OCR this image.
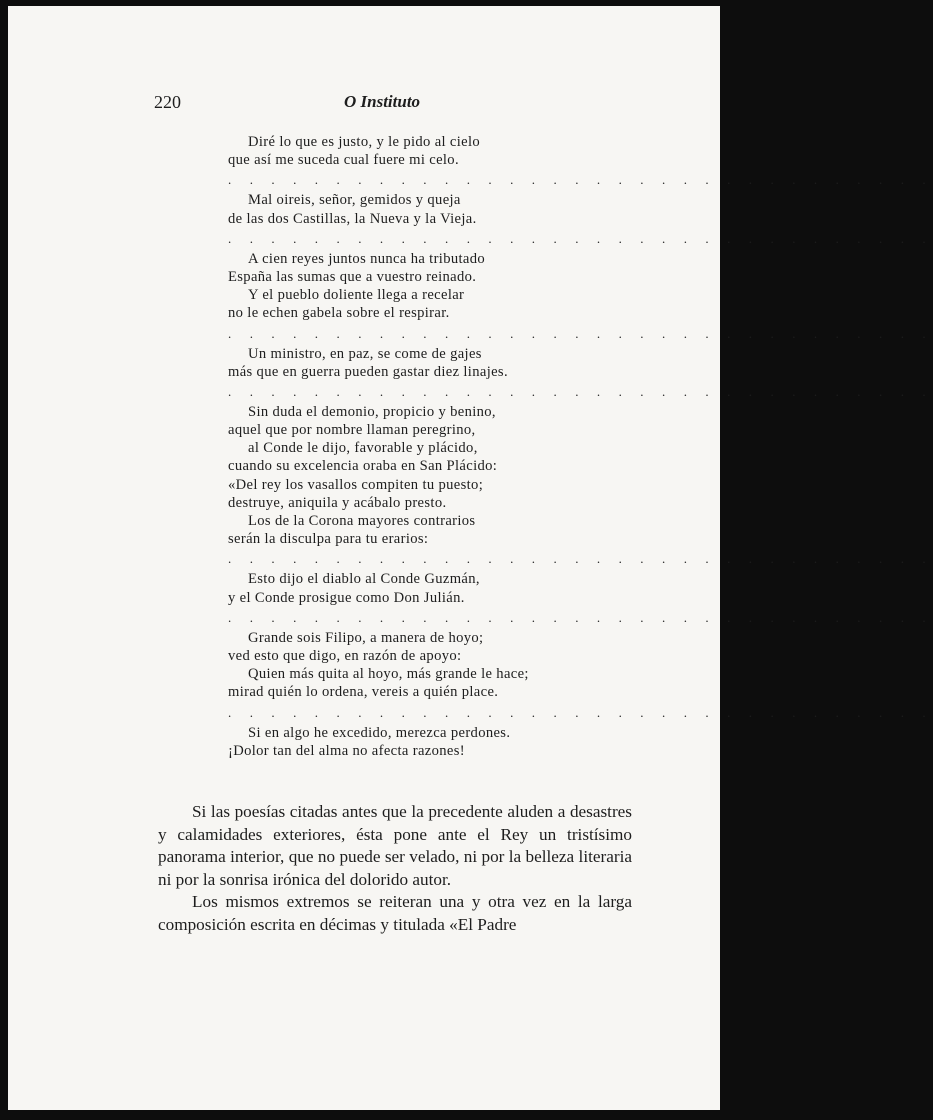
220	O Instituto
Diré lo que es justo, y le pido al cielo
que así me suceda cual fuere mi celo.
. . . . . . . . . . . . . . . . . . . . . . . . . . . . . . . . .
Mal oireis, señor, gemidos y queja
de las dos Castillas, la Nueva y la Vieja.
. . . . . . . . . . . . . . . . . . . . . . . . . . . . . . . . .
A cien reyes juntos nunca ha tributado
España las sumas que a vuestro reinado.
Y el pueblo doliente llega a recelar
no le echen gabela sobre el respirar.
. . . . . . . . . . . . . . . . . . . . . . . . . . . . . . . . .
Un ministro, en paz, se come de gajes
más que en guerra pueden gastar diez linajes.
. . . . . . . . . . . . . . . . . . . . . . . . . . . . . . . . .
Sin duda el demonio, propicio y benino,
aquel que por nombre llaman peregrino,
al Conde le dijo, favorable y plácido,
cuando su excelencia oraba en San Plácido:
«Del rey los vasallos compiten tu puesto;
destruye, aniquila y acábalo presto.
Los de la Corona mayores contrarios
serán la disculpa para tu erarios:
. . . . . . . . . . . . . . . . . . . . . . . . . . . . . . . . .
Esto dijo el diablo al Conde Guzmán,
y el Conde prosigue como Don Julián.
. . . . . . . . . . . . . . . . . . . . . . . . . . . . . . . . .
Grande sois Filipo, a manera de hoyo;
ved esto que digo, en razón de apoyo:
Quien más quita al hoyo, más grande le hace;
mirad quién lo ordena, vereis a quién place.
. . . . . . . . . . . . . . . . . . . . . . . . . . . . . . . . .
Si en algo he excedido, merezca perdones.
¡Dolor tan del alma no afecta razones!

Si las poesías citadas antes que la precedente aluden a desastres y calamidades exteriores, ésta pone ante el Rey un tristísimo panorama interior, que no puede ser velado, ni por la belleza literaria ni por la sonrisa irónica del dolorido autor.

Los mismos extremos se reiteran una y otra vez en la larga composición escrita en décimas y titulada «El Padre
